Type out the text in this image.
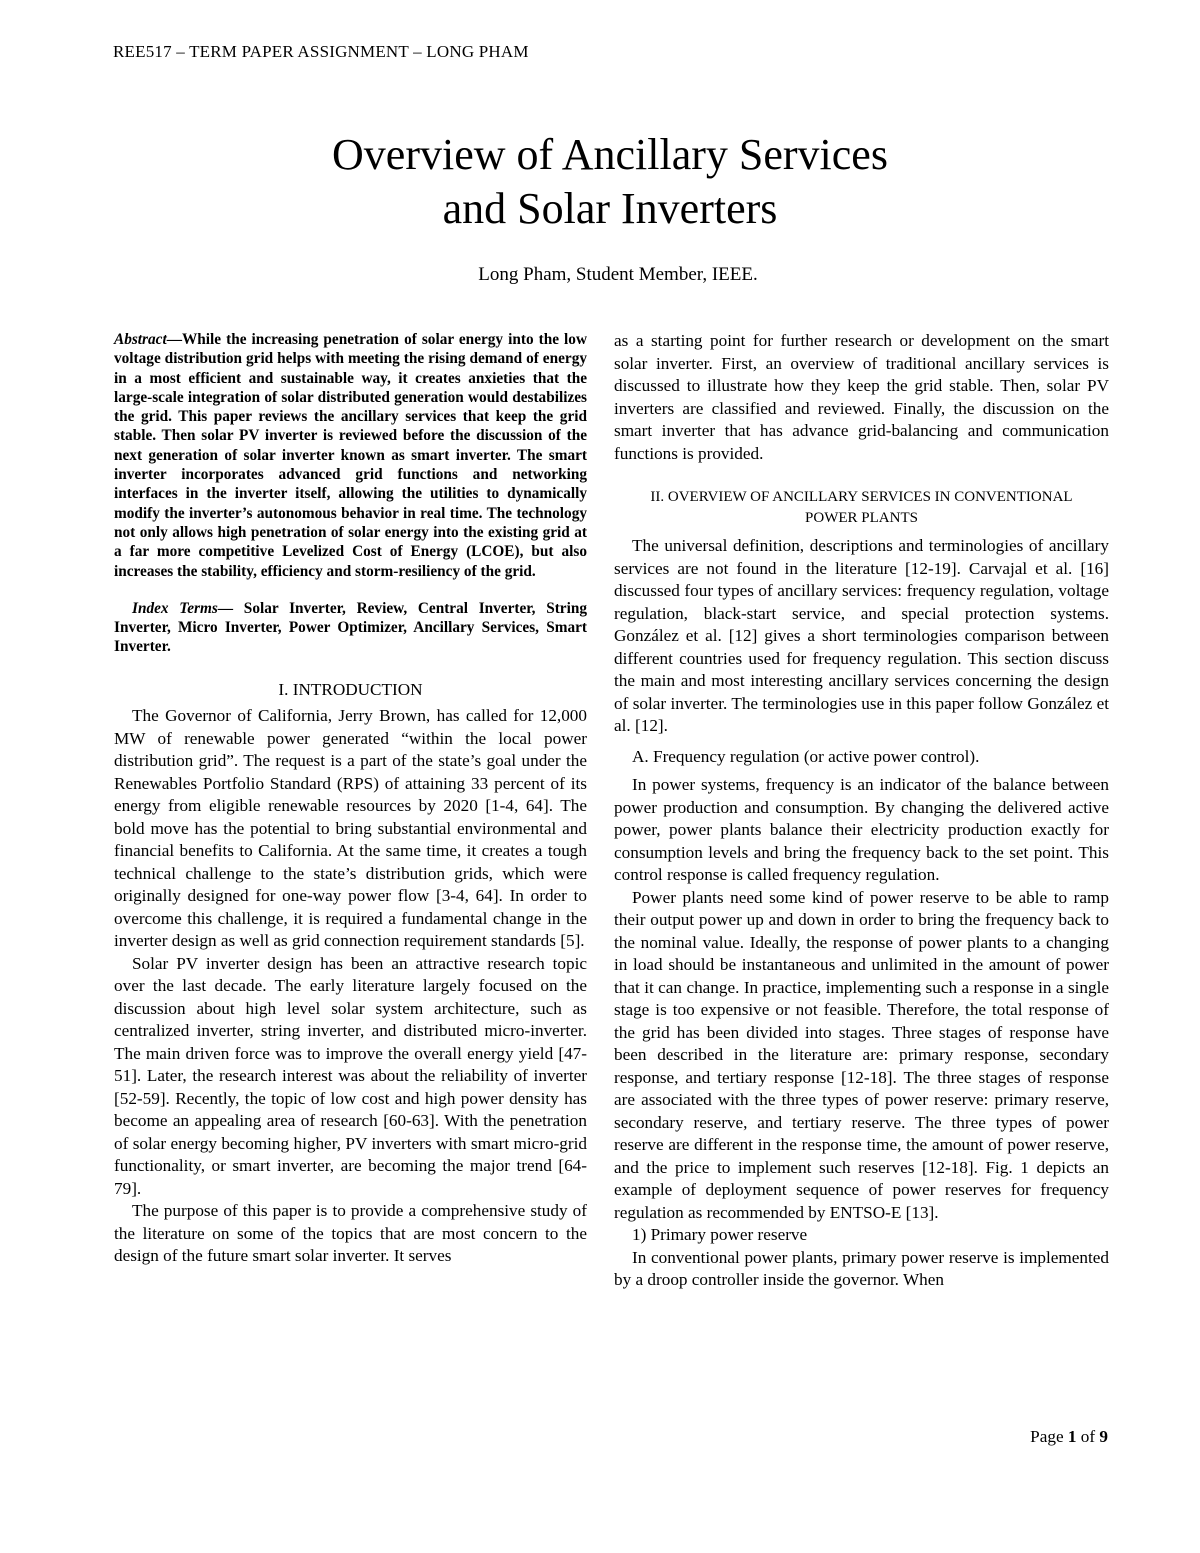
REE517 – TERM PAPER ASSIGNMENT – LONG PHAM
Overview of Ancillary Services
and Solar Inverters
Long Pham, Student Member, IEEE.

Abstract—While the increasing penetration of solar energy into the low voltage distribution grid helps with meeting the rising demand of energy in a most efficient and sustainable way, it creates anxieties that the large-scale integration of solar distributed generation would destabilizes the grid. This paper reviews the ancillary services that keep the grid stable. Then solar PV inverter is reviewed before the discussion of the next generation of solar inverter known as smart inverter. The smart inverter incorporates advanced grid functions and networking interfaces in the inverter itself, allowing the utilities to dynamically modify the inverter’s autonomous behavior in real time. The technology not only allows high penetration of solar energy into the existing grid at a far more competitive Levelized Cost of Energy (LCOE), but also increases the stability, efficiency and storm-resiliency of the grid.

Index Terms— Solar Inverter, Review, Central Inverter, String Inverter, Micro Inverter, Power Optimizer, Ancillary Services, Smart Inverter.

I. INTRODUCTION

The Governor of California, Jerry Brown, has called for 12,000 MW of renewable power generated “within the local power distribution grid”. The request is a part of the state’s goal under the Renewables Portfolio Standard (RPS) of attaining 33 percent of its energy from eligible renewable resources by 2020 [1-4, 64]. The bold move has the potential to bring substantial environmental and financial benefits to California. At the same time, it creates a tough technical challenge to the state’s distribution grids, which were originally designed for one-way power flow [3-4, 64]. In order to overcome this challenge, it is required a fundamental change in the inverter design as well as grid connection requirement standards [5].

Solar PV inverter design has been an attractive research topic over the last decade. The early literature largely focused on the discussion about high level solar system architecture, such as centralized inverter, string inverter, and distributed micro-inverter. The main driven force was to improve the overall energy yield [47-51]. Later, the research interest was about the reliability of inverter [52-59]. Recently, the topic of low cost and high power density has become an appealing area of research [60-63]. With the penetration of solar energy becoming higher, PV inverters with smart micro-grid functionality, or smart inverter, are becoming the major trend [64-79].

The purpose of this paper is to provide a comprehensive study of the literature on some of the topics that are most concern to the design of the future smart solar inverter. It serves

as a starting point for further research or development on the smart solar inverter. First, an overview of traditional ancillary services is discussed to illustrate how they keep the grid stable. Then, solar PV inverters are classified and reviewed. Finally, the discussion on the smart inverter that has advance grid-balancing and communication functions is provided.

II. OVERVIEW OF ANCILLARY SERVICES IN CONVENTIONAL
POWER PLANTS

The universal definition, descriptions and terminologies of ancillary services are not found in the literature [12-19]. Carvajal et al. [16] discussed four types of ancillary services: frequency regulation, voltage regulation, black-start service, and special protection systems. González et al. [12] gives a short terminologies comparison between different countries used for frequency regulation. This section discuss the main and most interesting ancillary services concerning the design of solar inverter. The terminologies use in this paper follow González et al. [12].

A. Frequency regulation (or active power control).

In power systems, frequency is an indicator of the balance between power production and consumption. By changing the delivered active power, power plants balance their electricity production exactly for consumption levels and bring the frequency back to the set point. This control response is called frequency regulation.

Power plants need some kind of power reserve to be able to ramp their output power up and down in order to bring the frequency back to the nominal value. Ideally, the response of power plants to a changing in load should be instantaneous and unlimited in the amount of power that it can change. In practice, implementing such a response in a single stage is too expensive or not feasible. Therefore, the total response of the grid has been divided into stages. Three stages of response have been described in the literature are: primary response, secondary response, and tertiary response [12-18]. The three stages of response are associated with the three types of power reserve: primary reserve, secondary reserve, and tertiary reserve. The three types of power reserve are different in the response time, the amount of power reserve, and the price to implement such reserves [12-18]. Fig. 1 depicts an example of deployment sequence of power reserves for frequency regulation as recommended by ENTSO-E [13].

1) Primary power reserve

In conventional power plants, primary power reserve is implemented by a droop controller inside the governor. When

Page 1 of 9
